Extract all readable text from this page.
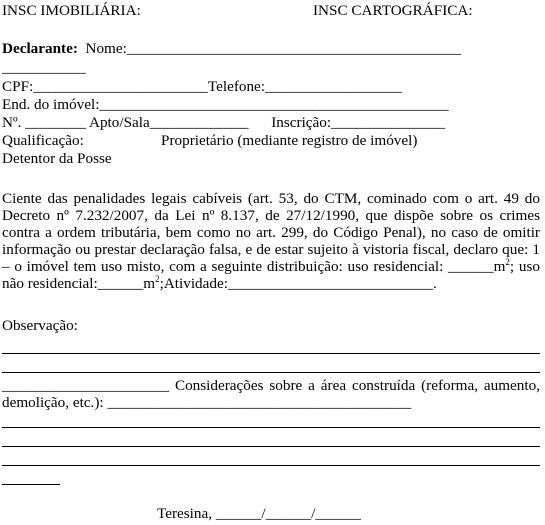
INSC IMOBILIÁRIA:	INSC CARTOGRÁFICA:
Declarante:  Nome:____________________________________________
___________
CPF:_______________________Telefone:__________________
End. do imóvel:______________________________________________
Nº. ________ Apto/Sala_____________      Inscrição:_______________
Qualificação:	Proprietário (mediante registro de imóvel)
Detentor da Posse
Ciente das penalidades legais cabíveis (art. 53, do CTM, cominado com o art. 49 do Decreto nº 7.232/2007, da Lei nº 8.137, de 27/12/1990, que dispõe sobre os crimes contra a ordem tributária, bem como no art. 299, do Código Penal), no caso de omitir informação ou prestar declaração falsa, e de estar sujeito à vistoria fiscal, declaro que: 1 – o imóvel tem uso misto, com a seguinte distribuição: uso residencial: $\_\_\_\_\_\_m^2$; uso não $residencial:\_\_\_\_\_\_m^2;Atividade:\_\_\_\_\_\_\_\_\_\_\_\_\_\_\_\_\_\_\_\_\_\_\_\_\_\_\_$.
Observação:
______________________ Considerações sobre a área construída (reforma, aumento, demolição, etc.): ________________________________________
Teresina, ______/______/______
